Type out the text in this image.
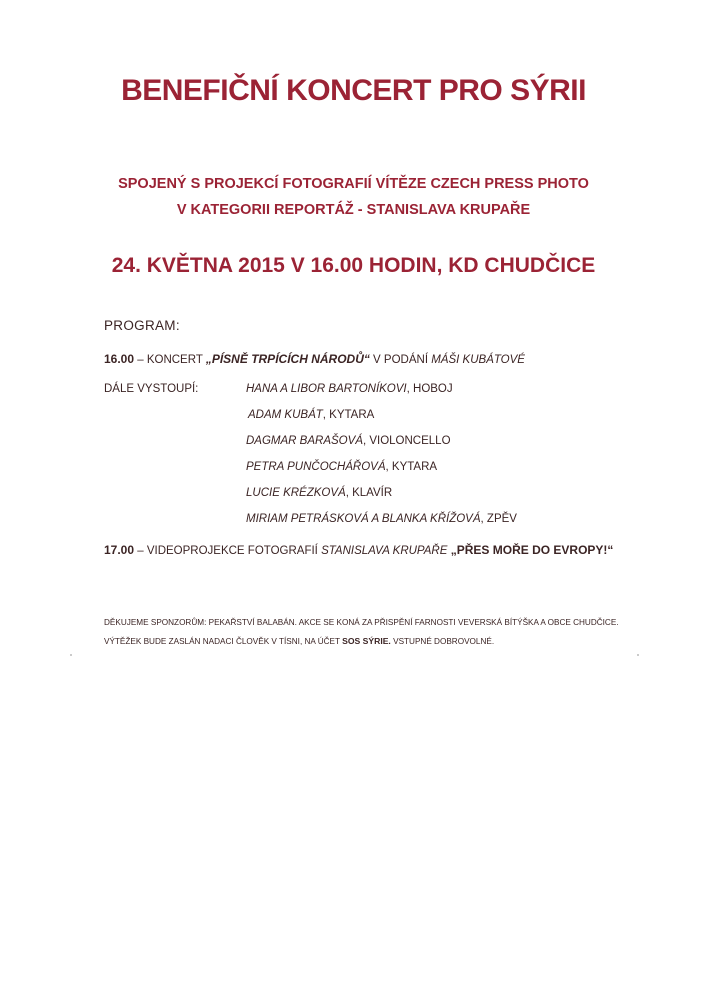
BENEFIČNÍ KONCERT PRO SÝRII
SPOJENÝ S PROJEKCÍ FOTOGRAFIÍ VÍTĚZE CZECH PRESS PHOTO
V KATEGORII REPORTÁŽ - STANISLAVA KRUPAŘE
24. KVĚTNA 2015 V 16.00 HODIN, KD CHUDČICE
PROGRAM:
16.00 – KONCERT „PÍSNĚ TRPÍCÍCH NÁRODŮ“ V PODÁNÍ MÁŠI KUBÁTOVÉ
DÁLE VYSTOUPÍ:	HANA A LIBOR BARTONÍKOVI, HOBOJ
ADAM KUBÁT, KYTARA
DAGMAR BARAŠOVÁ, VIOLONCELLO
PETRA PUNČOCHÁŘOVÁ, KYTARA
LUCIE KRÉZKOVÁ, KLAVÍR
MIRIAM PETRÁSKOVÁ A BLANKA KŘÍŽOVÁ, ZPĚV
17.00 – VIDEOPROJEKCE FOTOGRAFIÍ STANISLAVA KRUPAŘE „PŘES MOŘE DO EVROPY!“
DĚKUJEME SPONZORŮM: PEKAŘSTVÍ BALABÁN. AKCE SE KONÁ ZA PŘISPĚNÍ FARNOSTI VEVERSKÁ BÍTÝŠKA A OBCE CHUDČICE.
VÝTĚŽEK BUDE ZASLÁN NADACI ČLOVĚK V TÍSNI, NA ÚČET SOS SÝRIE. VSTUPNÉ DOBROVOLNÉ.
